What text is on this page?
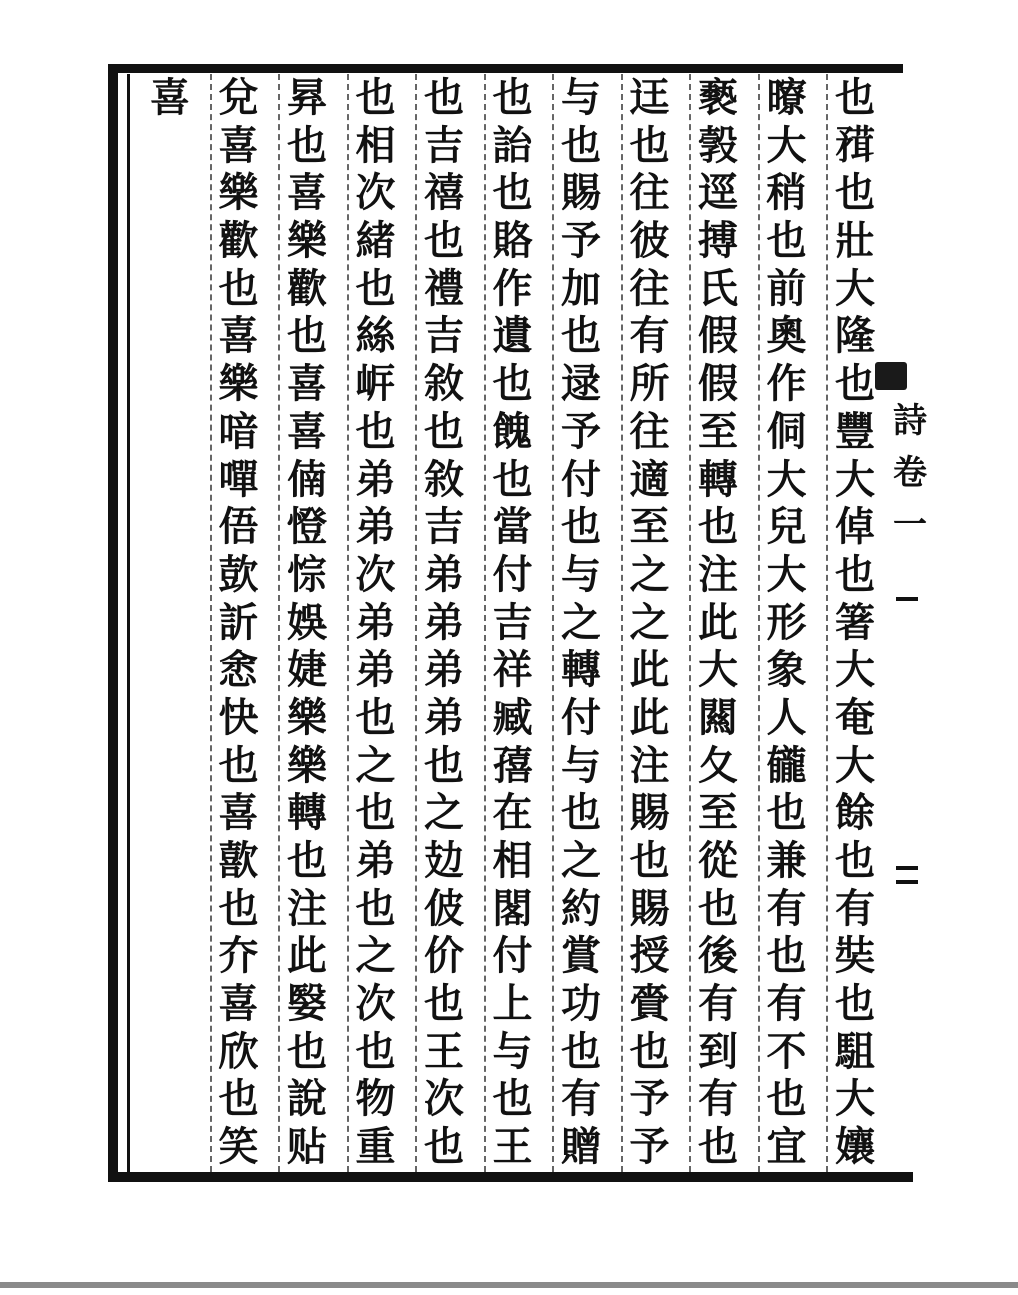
也
𥎂
也
壯
大
隆
也
豐
大
倬
也
箸
大
奄
大
餘
也
有
奘
也
駔
大
孃
曢
大
稍
也
前
奧
作
侗
大
兒
大
形
象
人
龓
也
兼
有
也
有
不
也
宜
褻
㝅
逕
搏
氏
假
假
至
轉
也
注
此
大
闗
夂
至
從
也
後
有
到
有
也
迋
也
往
彼
往
有
所
往
適
至
之
之
此
此
注
賜
也
賜
授
賫
也
予
予
与
也
賜
予
加
也
逯
予
付
也
与
之
轉
付
与
也
之
約
賞
功
也
有
贈
也
詒
也
賂
作
遺
也
餽
也
當
付
吉
祥
臧
㝆
在
相
閣
付
上
与
也
王
也
吉
禧
也
禮
吉
敘
也
敘
吉
弟
弟
弟
弟
也
之
攰
佊
价
也
王
次
也
也
相
次
緒
也
絲
㟁
也
弟
弟
次
弟
弟
也
之
也
弟
也
之
次
也
物
重
昪
也
喜
樂
歡
也
喜
喜
㑲
憕
悰
娛
婕
樂
樂
轉
也
注
此
嫛
也
說
贴
兌
喜
樂
歡
也
喜
樂
喑
嘽
俉
㰻
訢
悆
快
也
喜
歖
也
夰
喜
欣
也
笑
喜
詩
卷
一
